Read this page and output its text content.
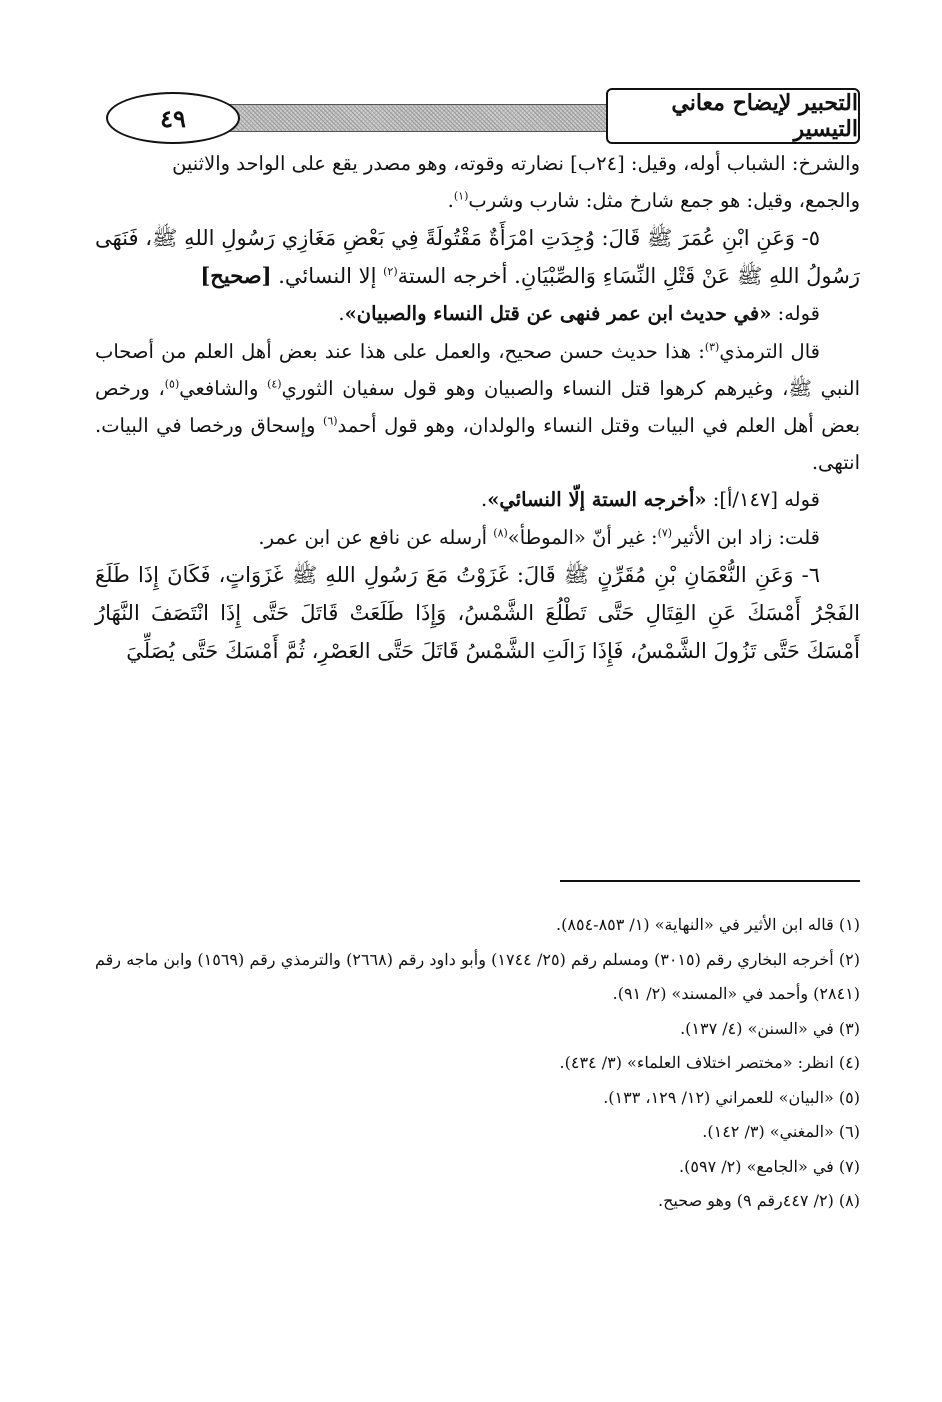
٤٩
التحبير لإيضاح معاني التيسير

والشرخ: الشباب أوله، وقيل: [٢٤ب] نضارته وقوته، وهو مصدر يقع على الواحد والاثنين

والجمع، وقيل: هو جمع شارخ مثل: شارب وشرب$^{(١)}$.

٥- وَعَنِ ابْنِ عُمَرَ ﷺ قَالَ: وُجِدَتِ امْرَأَةٌ مَقْتُولَةً فِي بَعْضِ مَغَازِي رَسُولِ اللهِ ﷺ، فَنَهَى رَسُولُ اللهِ ﷺ عَنْ قَتْلِ النِّسَاءِ وَالصِّبْيَانِ. أخرجه الستة$^{(٢)}$ إلا النسائي. [صحيح]

قوله: «في حديث ابن عمر فنهى عن قتل النساء والصبيان».

قال الترمذي$^{(٣)}$: هذا حديث حسن صحيح، والعمل على هذا عند بعض أهل العلم من أصحاب النبي ﷺ، وغيرهم كرهوا قتل النساء والصبيان وهو قول سفيان الثوري$^{(٤)}$ والشافعي$^{(٥)}$، ورخص بعض أهل العلم في البيات وقتل النساء والولدان، وهو قول أحمد$^{(٦)}$ وإسحاق ورخصا في البيات. انتهى.

قوله [١٤٧/أ]: «أخرجه الستة إلّا النسائي».

قلت: زاد ابن الأثير$^{(٧)}$: غير أنّ «الموطأ»$^{(٨)}$ أرسله عن نافع عن ابن عمر.

٦- وَعَنِ النُّعْمَانِ بْنِ مُقَرِّنٍ ﷺ قَالَ: غَزَوْتُ مَعَ رَسُولِ اللهِ ﷺ غَزَوَاتٍ، فَكَانَ إِذَا طَلَعَ الفَجْرُ أَمْسَكَ عَنِ القِتَالِ حَتَّى تَطْلُعَ الشَّمْسُ، وَإِذَا طَلَعَتْ قَاتَلَ حَتَّى إِذَا انْتَصَفَ النَّهَارُ أَمْسَكَ حَتَّى تَزُولَ الشَّمْسُ، فَإِذَا زَالَتِ الشَّمْسُ قَاتَلَ حَتَّى العَصْرِ، ثُمَّ أَمْسَكَ حَتَّى يُصَلِّيَ

(١) قاله ابن الأثير في «النهاية» (١/ ٨٥٣-٨٥٤).

(٢) أخرجه البخاري رقم (٣٠١٥) ومسلم رقم (٢٥/ ١٧٤٤) وأبو داود رقم (٢٦٦٨) والترمذي رقم (١٥٦٩) وابن ماجه رقم (٢٨٤١) وأحمد في «المسند» (٢/ ٩١).

(٣) في «السنن» (٤/ ١٣٧).

(٤) انظر: «مختصر اختلاف العلماء» (٣/ ٤٣٤).

(٥) «البيان» للعمراني (١٢/ ١٢٩، ١٣٣).

(٦) «المغني» (٣/ ١٤٢).

(٧) في «الجامع» (٢/ ٥٩٧).

(٨) (٢/ ٤٤٧رقم ٩) وهو صحيح.
